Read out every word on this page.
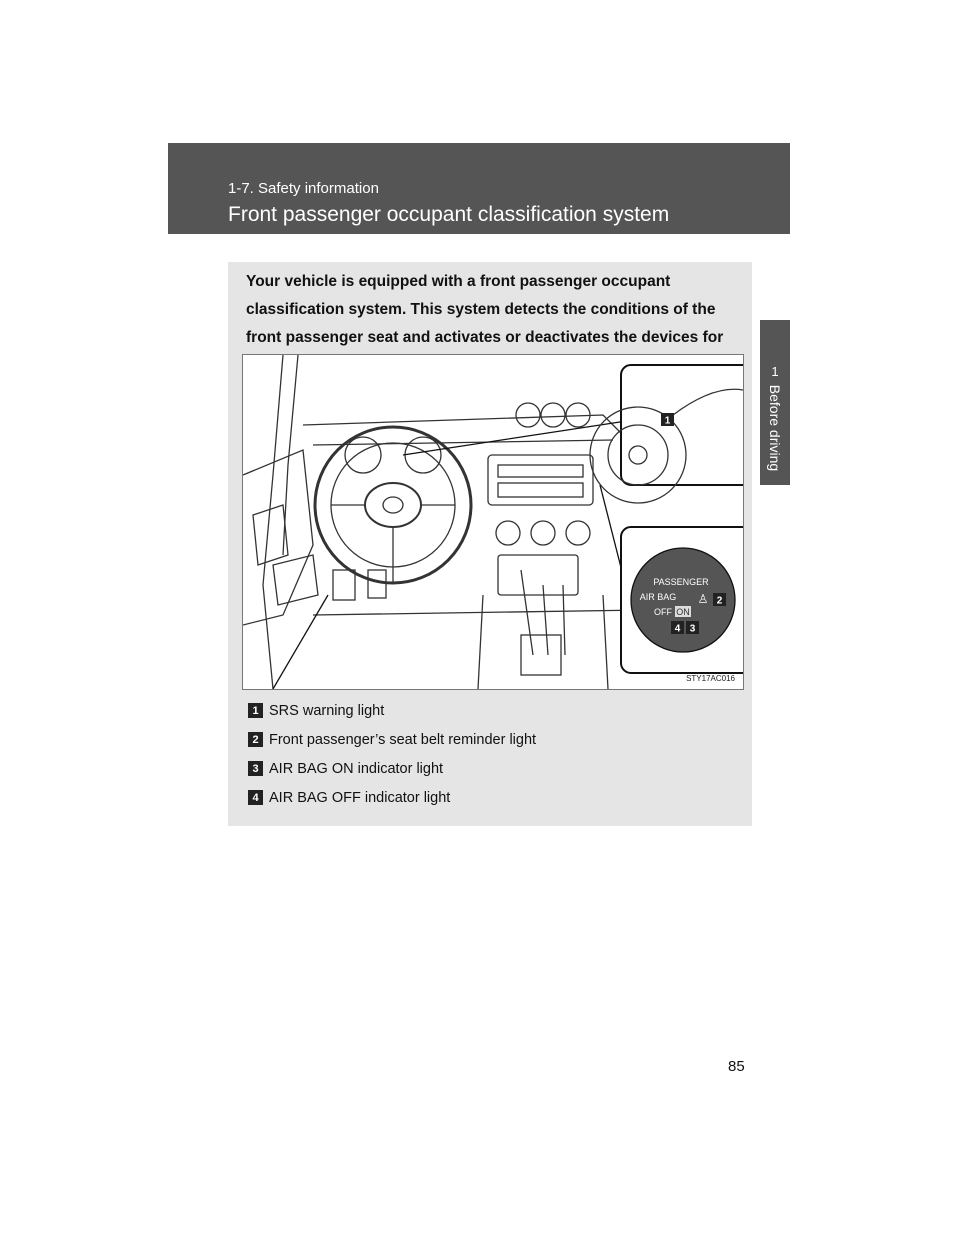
1-7. Safety information
Front passenger occupant classification system
1
Before driving
Your vehicle is equipped with a front passenger occupant classification system. This system detects the conditions of the front passenger seat and activates or deactivates the devices for
1
PASSENGER
AIR BAG
OFF ON
♙ 2
4 3
STY17AC016
1 SRS warning light
2 Front passenger’s seat belt reminder light
3 AIR BAG ON indicator light
4 AIR BAG OFF indicator light
85
